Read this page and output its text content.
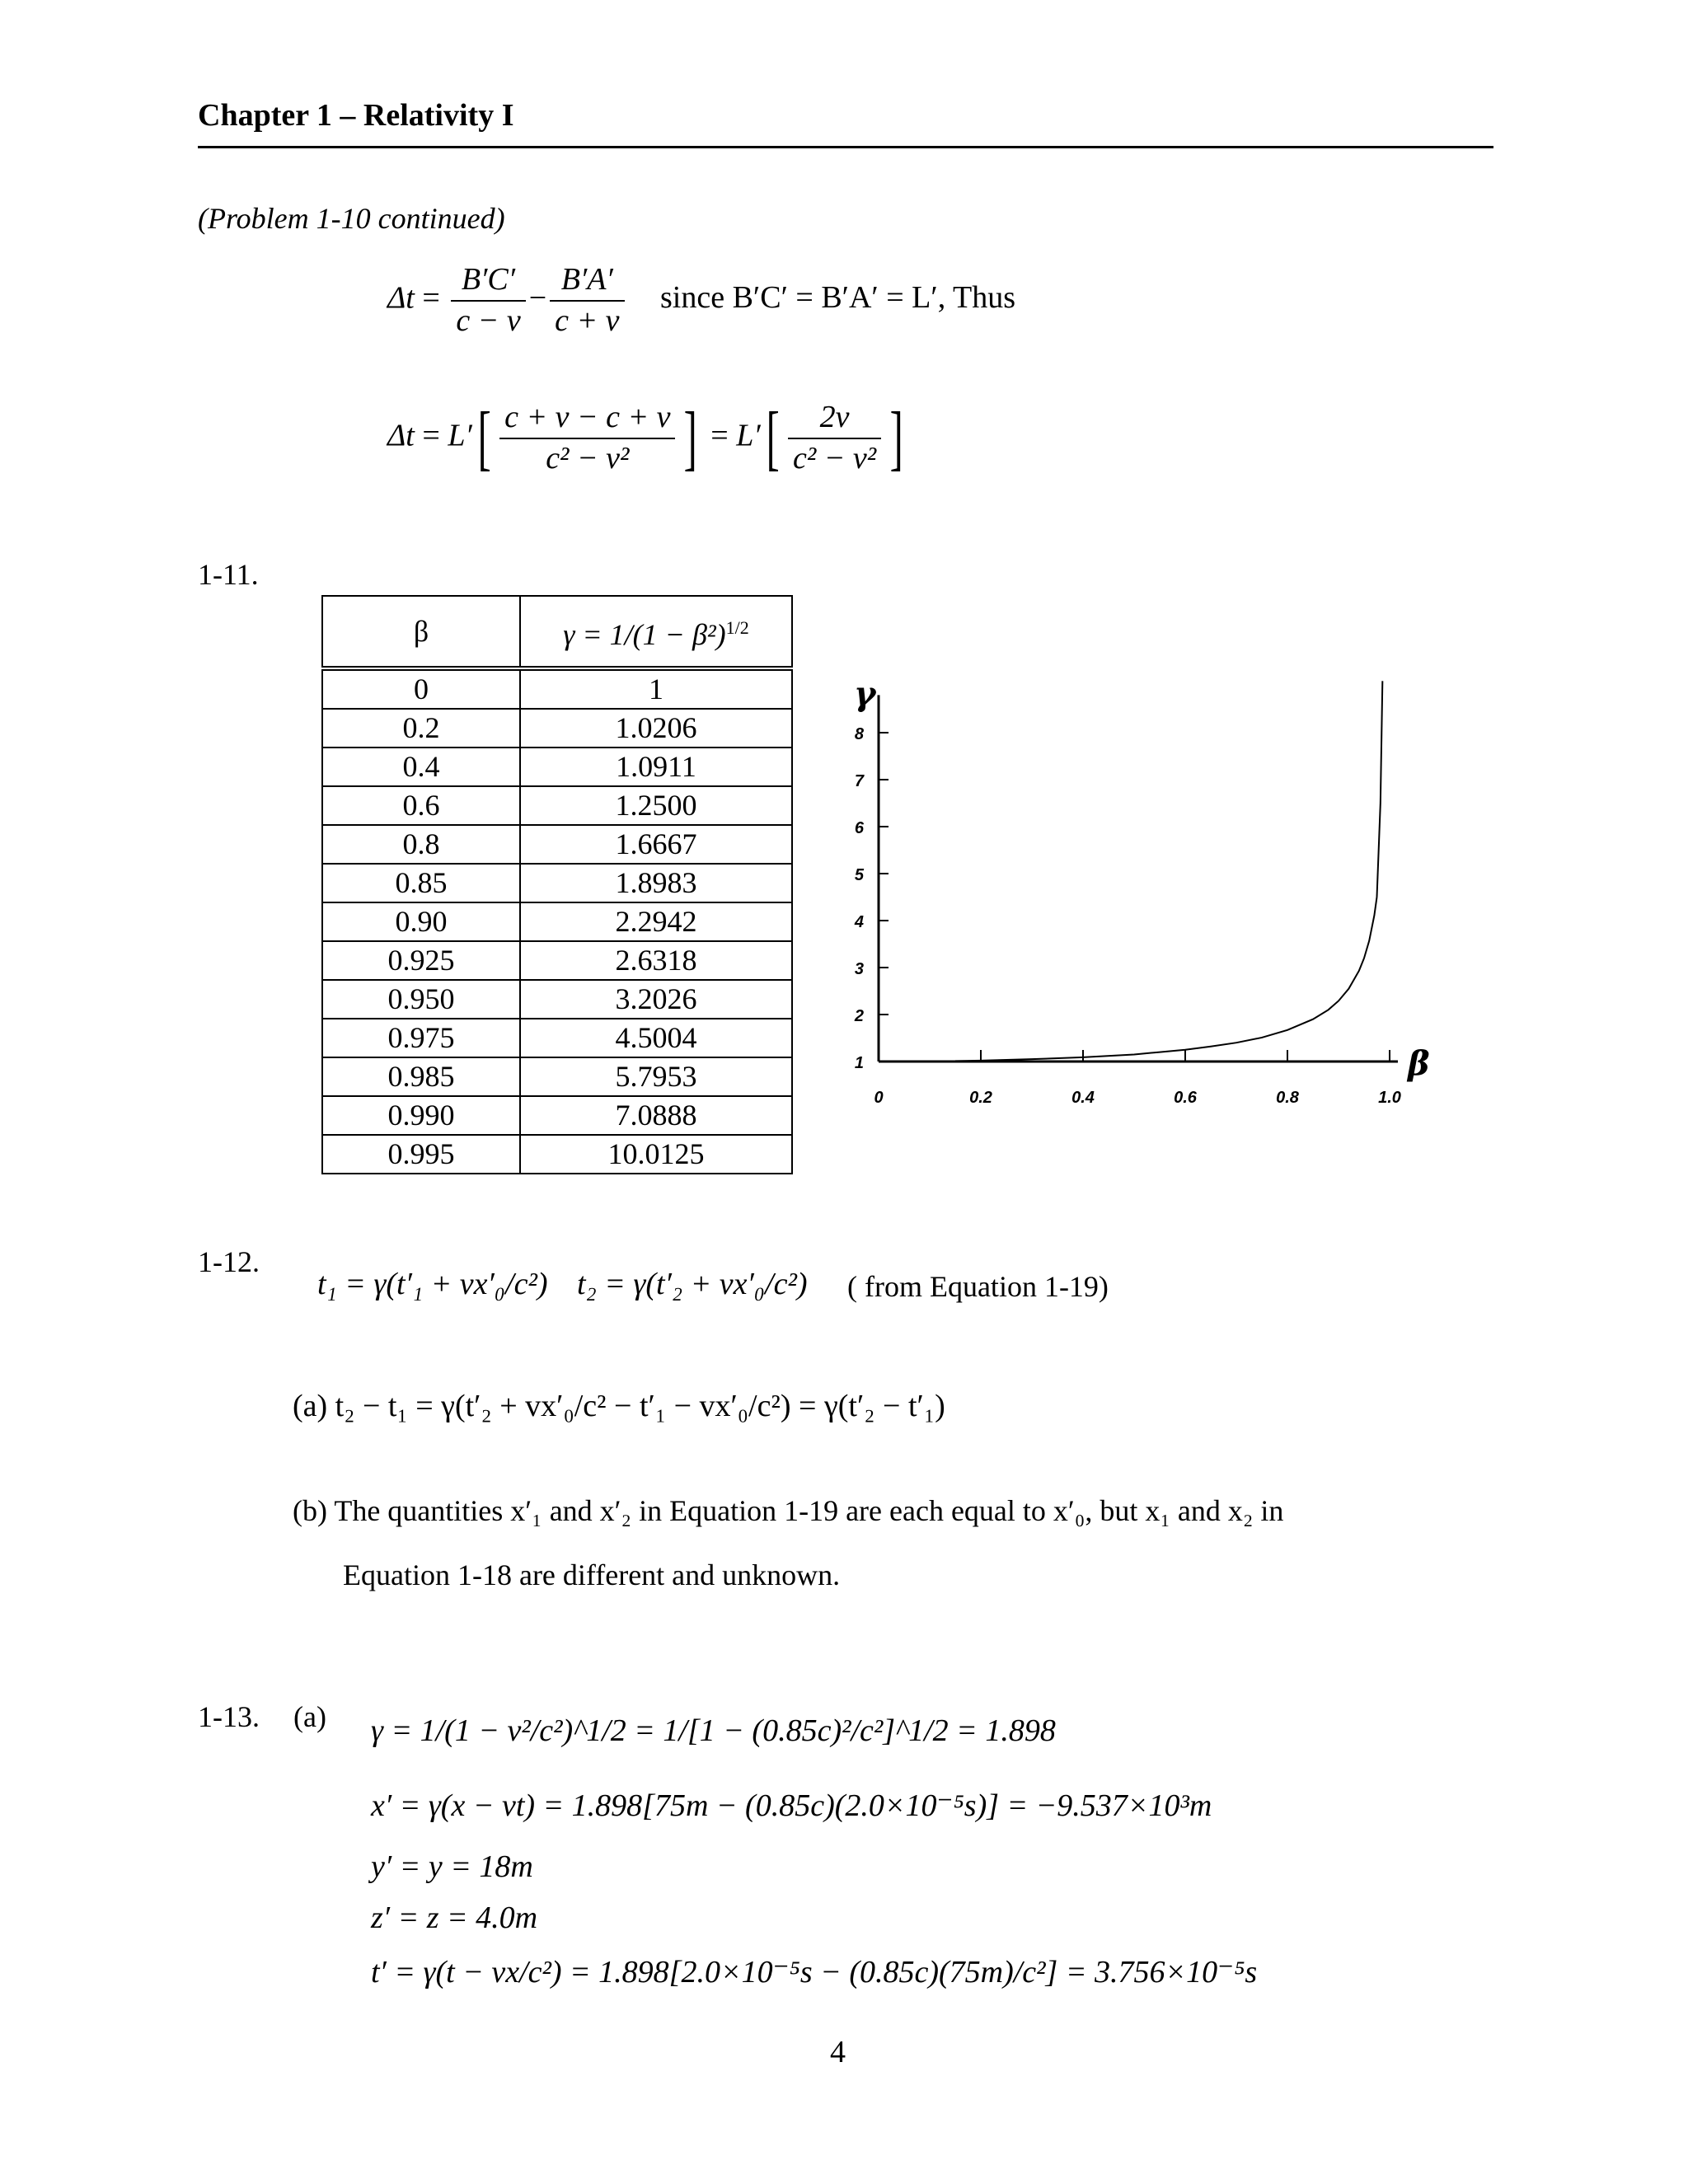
Chapter 1 – Relativity I
(Problem 1-10 continued)
$\Delta t = \frac{B'C'}{c - v} - \frac{B'A'}{c + v}$ since B′C′ = B′A′ = L′, Thus
$\Delta t = L'[ \frac{c + v - c + v}{\text{c² − v²}}$ ] = $L'[ \frac{2v}{\text{c² − v²}}$ ]
1-11.
β	$\gamma = 1/(1 - \beta^2)^{1/2}$
0	1
0.2	1.0206
0.4	1.0911
0.6	1.2500
0.8	1.6667
0.85	1.8983
0.90	2.2942
0.925	2.6318
0.950	3.2026
0.975	4.5004
0.985	5.7953
0.990	7.0888
0.995	10.0125
0	0.2	0.4	0.6	0.8	1.0
1
2
3
4
5
6
7
8
β
γ
1-12.
t₁ = γ(t′₁ + vx′₀/c²) t₂ = γ(t′₂ + vx′₀/c²) ( from Equation 1-19)
(a) t₂ − t₁ = γ(t′₂ + vx′₀/c² − t′₁ − vx′₀/c²) = γ(t′₂ − t′₁)
(b) The quantities x′₁ and x′₂ in Equation 1-19 are each equal to x′₀, but x₁ and x₂ in
Equation 1-18 are different and unknown.
1-13. (a) γ = 1/(1 − v²/c²)^1/2 = 1/[1 − (0.85c)²/c²]^1/2 = 1.898
x′ = γ(x − vt) = 1.898[75m − (0.85c)(2.0×10⁻⁵s)] = −9.537×10³m
y′ = y = 18m
z′ = z = 4.0m
t′ = γ(t − vx/c²) = 1.898[2.0×10⁻⁵s − (0.85c)(75m)/c²] = 3.756×10⁻⁵s
4
